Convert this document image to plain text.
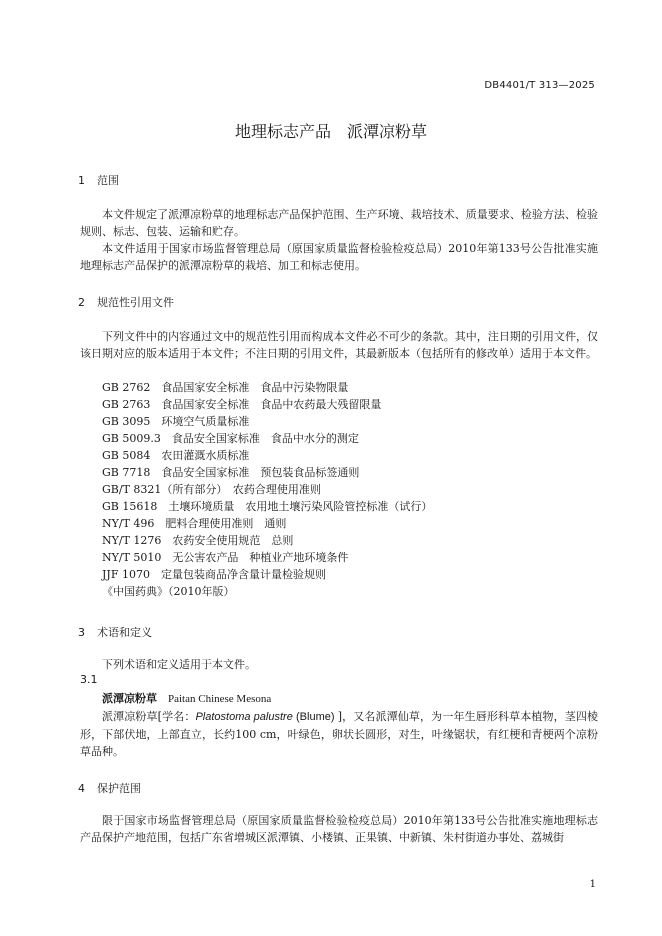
DB4401/T 313—2025
地理标志产品　派潭凉粉草
1 范围

本文件规定了派潭凉粉草的地理标志产品保护范围、生产环境、栽培技术、质量要求、检验方法、检验规则、标志、包装、运输和贮存。

本文件适用于国家市场监督管理总局（原国家质量监督检验检疫总局）2010年第133号公告批准实施地理标志产品保护的派潭凉粉草的栽培、加工和标志使用。

2 规范性引用文件

下列文件中的内容通过文中的规范性引用而构成本文件必不可少的条款。其中，注日期的引用文件，仅该日期对应的版本适用于本文件；不注日期的引用文件，其最新版本（包括所有的修改单）适用于本文件。

GB 2762　食品国家安全标准　食品中污染物限量
GB 2763　食品国家安全标准　食品中农药最大残留限量
GB 3095　环境空气质量标准
GB 5009.3　食品安全国家标准　食品中水分的测定
GB 5084　农田灌溉水质标准
GB 7718　食品安全国家标准　预包装食品标签通则
GB/T 8321（所有部分）　农药合理使用准则
GB 15618　土壤环境质量　农用地土壤污染风险管控标准（试行）
NY/T 496　肥料合理使用准则　通则
NY/T 1276　农药安全使用规范　总则
NY/T 5010　无公害农产品　种植业产地环境条件
JJF 1070　定量包装商品净含量计量检验规则
《中国药典》（2010年版）
3 术语和定义
下列术语和定义适用于本文件。
3.1
派潭凉粉草　 Paitan Chinese Mesona

派潭凉粉草[学名：Platostoma palustre (Blume) ]，又名派潭仙草，为一年生唇形科草本植物，茎四棱形，下部伏地，上部直立，长约100 cm，叶绿色，卵状长圆形，对生，叶缘锯状，有红梗和青梗两个凉粉草品种。

4 保护范围

限于国家市场监督管理总局（原国家质量监督检验检疫总局）2010年第133号公告批准实施地理标志产品保护产地范围，包括广东省增城区派潭镇、小楼镇、正果镇、中新镇、朱村街道办事处、荔城街

1
